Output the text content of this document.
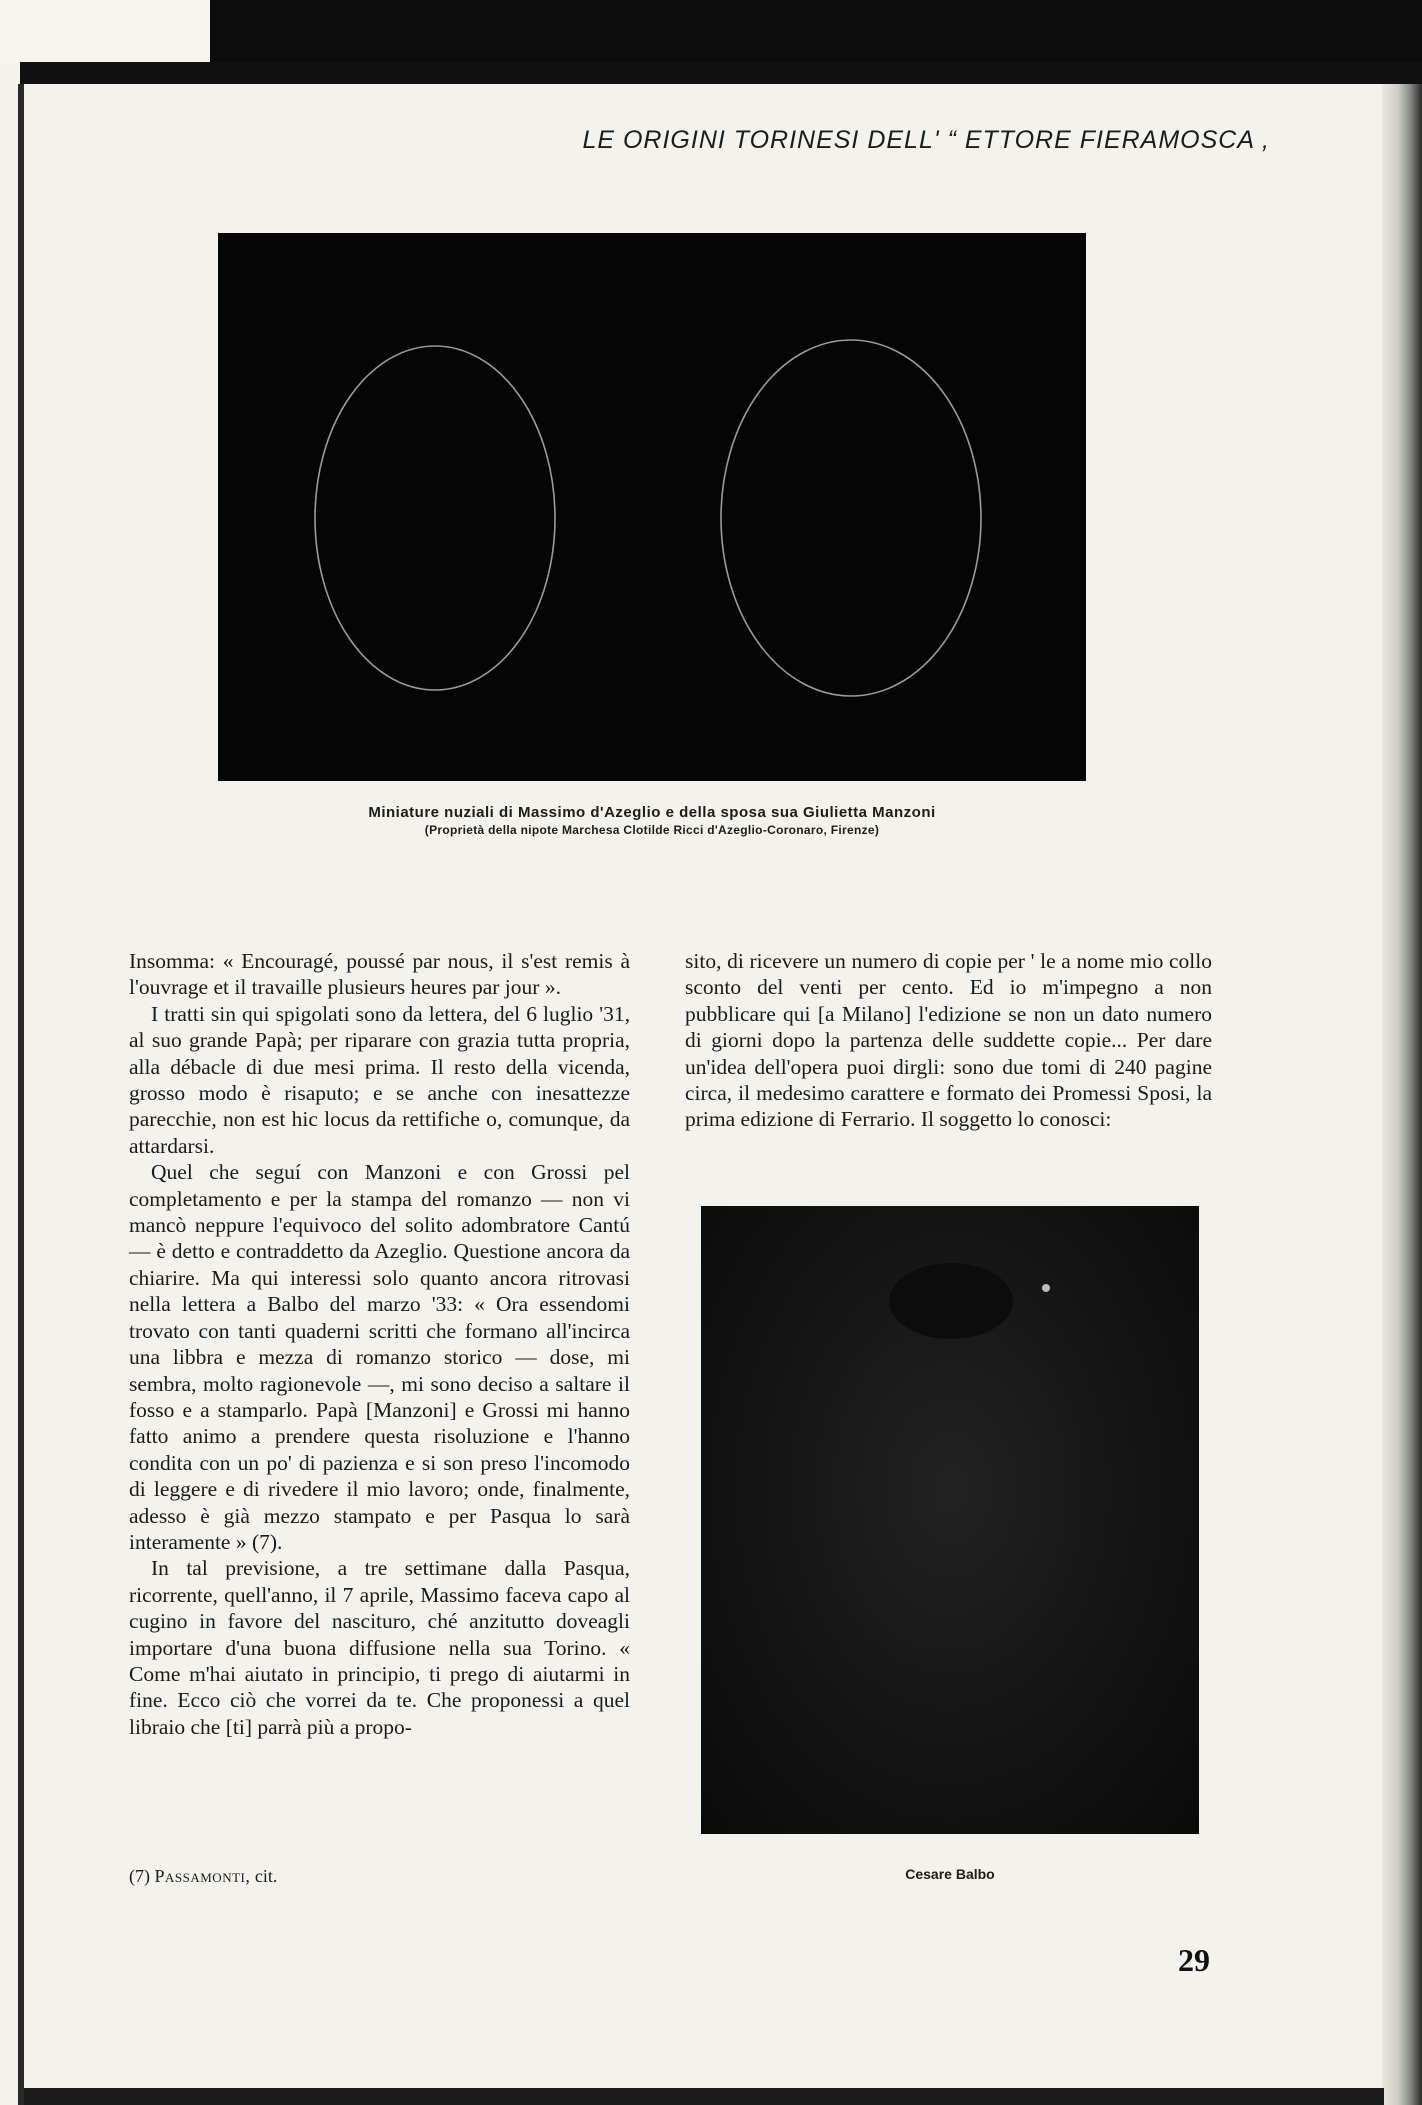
LE ORIGINI TORINESI DELL' “ ETTORE FIERAMOSCA ,
Miniature nuziali di Massimo d'Azeglio e della sposa sua Giulietta Manzoni
(Proprietà della nipote Marchesa Clotilde Ricci d'Azeglio-Coronaro, Firenze)

Insomma: « Encouragé, poussé par nous, il s'est remis à l'ouvrage et il travaille plusieurs heures par jour ».

I tratti sin qui spigolati sono da lettera, del 6 luglio '31, al suo grande Papà; per riparare con grazia tutta propria, alla débacle di due mesi prima. Il resto della vicenda, grosso modo è risaputo; e se anche con inesattezze parecchie, non est hic locus da rettifiche o, comunque, da attardarsi.

Quel che seguí con Manzoni e con Grossi pel completamento e per la stampa del romanzo — non vi mancò neppure l'equivoco del solito adombratore Cantú — è detto e contraddetto da Azeglio. Questione ancora da chiarire. Ma qui interessi solo quanto ancora ritrovasi nella lettera a Balbo del marzo '33: « Ora essendomi trovato con tanti quaderni scritti che formano all'incirca una libbra e mezza di romanzo storico — dose, mi sembra, molto ragionevole —, mi sono deciso a saltare il fosso e a stamparlo. Papà [Manzoni] e Grossi mi hanno fatto animo a prendere questa risoluzione e l'hanno condita con un po' di pazienza e si son preso l'incomodo di leggere e di rivedere il mio lavoro; onde, finalmente, adesso è già mezzo stampato e per Pasqua lo sarà interamente » (7).

In tal previsione, a tre settimane dalla Pasqua, ricorrente, quell'anno, il 7 aprile, Massimo faceva capo al cugino in favore del nascituro, ché anzitutto doveagli importare d'una buona diffusione nella sua Torino. « Come m'hai aiutato in principio, ti prego di aiutarmi in fine. Ecco ciò che vorrei da te. Che proponessi a quel libraio che [ti] parrà più a propo-

sito, di ricevere un numero di copie per ' le a nome mio collo sconto del venti per cento. Ed io m'impegno a non pubblicare qui [a Milano] l'edizione se non un dato numero di giorni dopo la partenza delle suddette copie... Per dare un'idea dell'opera puoi dirgli: sono due tomi di 240 pagine circa, il medesimo carattere e formato dei Promessi Sposi, la prima edizione di Ferrario. Il soggetto lo conosci:

Cesare Balbo
(7) Passamonti, cit.
29
